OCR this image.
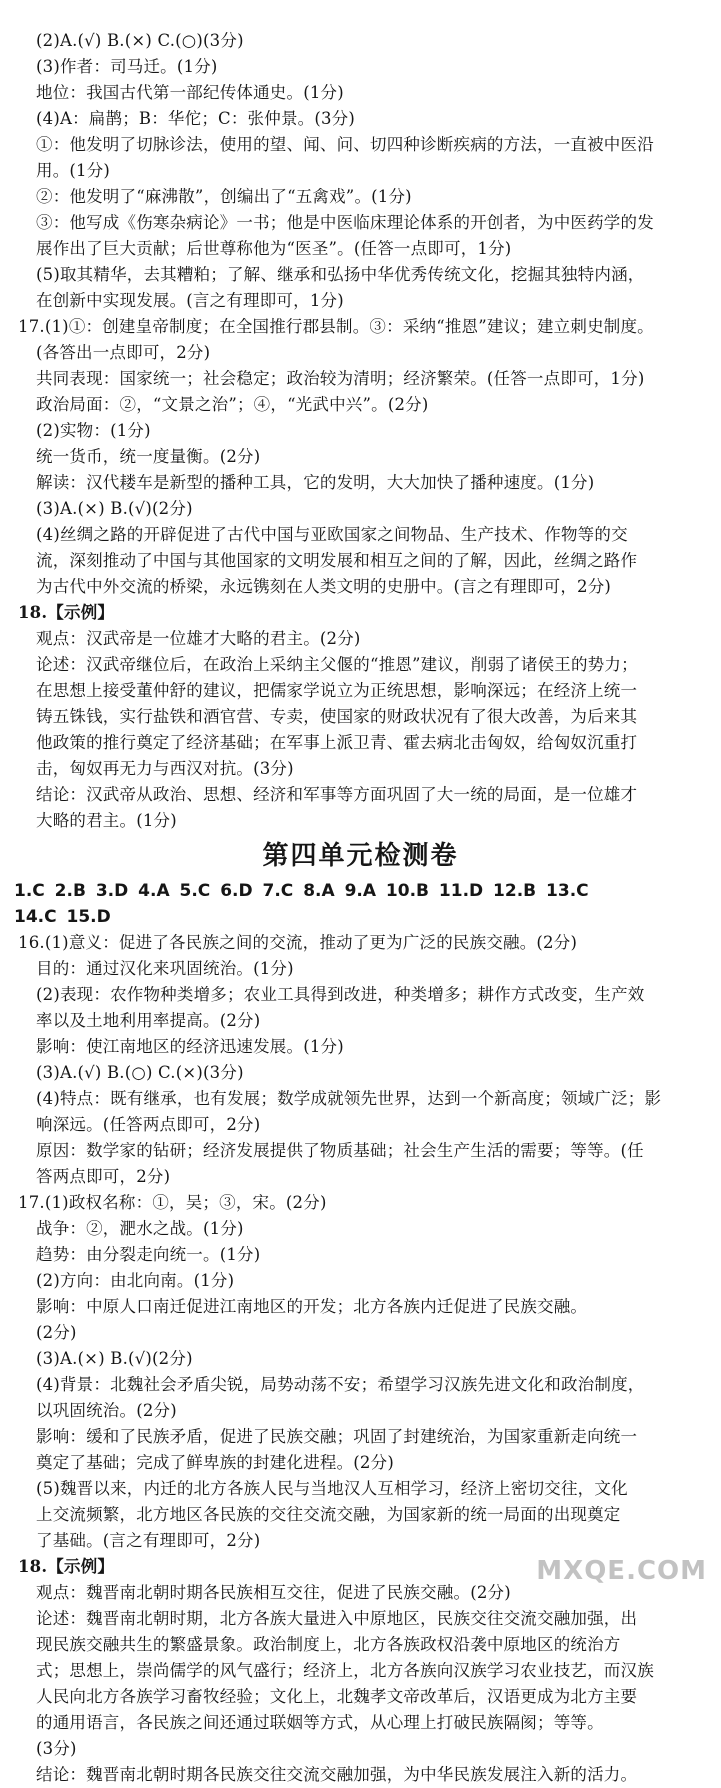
(2)A.(√) B.(×) C.(○)(3分)
(3)作者：司马迁。(1分)
地位：我国古代第一部纪传体通史。(1分)
(4)A：扁鹊；B：华佗；C：张仲景。(3分)
①：他发明了切脉诊法，使用的望、闻、问、切四种诊断疾病的方法，一直被中医沿
用。(1分)
②：他发明了“麻沸散”，创编出了“五禽戏”。(1分)
③：他写成《伤寒杂病论》一书；他是中医临床理论体系的开创者，为中医药学的发
展作出了巨大贡献；后世尊称他为“医圣”。(任答一点即可，1分)
(5)取其精华，去其糟粕；了解、继承和弘扬中华优秀传统文化，挖掘其独特内涵，
在创新中实现发展。(言之有理即可，1分)
17.(1)①：创建皇帝制度；在全国推行郡县制。③：采纳“推恩”建议；建立刺史制度。
(各答出一点即可，2分)
共同表现：国家统一；社会稳定；政治较为清明；经济繁荣。(任答一点即可，1分)
政治局面：②，“文景之治”；④，“光武中兴”。(2分)
(2)实物：(1分)
统一货币，统一度量衡。(2分)
解读：汉代耧车是新型的播种工具，它的发明，大大加快了播种速度。(1分)
(3)A.(×) B.(√)(2分)
(4)丝绸之路的开辟促进了古代中国与亚欧国家之间物品、生产技术、作物等的交
流，深刻推动了中国与其他国家的文明发展和相互之间的了解，因此，丝绸之路作
为古代中外交流的桥梁，永远镌刻在人类文明的史册中。(言之有理即可，2分)
18.【示例】
观点：汉武帝是一位雄才大略的君主。(2分)
论述：汉武帝继位后，在政治上采纳主父偃的“推恩”建议，削弱了诸侯王的势力；
在思想上接受董仲舒的建议，把儒家学说立为正统思想，影响深远；在经济上统一
铸五铢钱，实行盐铁和酒官营、专卖，使国家的财政状况有了很大改善，为后来其
他政策的推行奠定了经济基础；在军事上派卫青、霍去病北击匈奴，给匈奴沉重打
击，匈奴再无力与西汉对抗。(3分)
结论：汉武帝从政治、思想、经济和军事等方面巩固了大一统的局面，是一位雄才
大略的君主。(1分)
第四单元检测卷
1.C 2.B 3.D 4.A 5.C 6.D 7.C 8.A 9.A 10.B 11.D 12.B 13.C
14.C 15.D
16.(1)意义：促进了各民族之间的交流，推动了更为广泛的民族交融。(2分)
目的：通过汉化来巩固统治。(1分)
(2)表现：农作物种类增多；农业工具得到改进，种类增多；耕作方式改变，生产效
率以及土地利用率提高。(2分)
影响：使江南地区的经济迅速发展。(1分)
(3)A.(√) B.(○) C.(×)(3分)
(4)特点：既有继承，也有发展；数学成就领先世界，达到一个新高度；领域广泛；影
响深远。(任答两点即可，2分)
原因：数学家的钻研；经济发展提供了物质基础；社会生产生活的需要；等等。(任
答两点即可，2分)
17.(1)政权名称：①，吴；③，宋。(2分)
战争：②，淝水之战。(1分)
趋势：由分裂走向统一。(1分)
(2)方向：由北向南。(1分)
影响：中原人口南迁促进江南地区的开发；北方各族内迁促进了民族交融。
(2分)
(3)A.(×) B.(√)(2分)
(4)背景：北魏社会矛盾尖锐，局势动荡不安；希望学习汉族先进文化和政治制度，
以巩固统治。(2分)
影响：缓和了民族矛盾，促进了民族交融；巩固了封建统治，为国家重新走向统一
奠定了基础；完成了鲜卑族的封建化进程。(2分)
(5)魏晋以来，内迁的北方各族人民与当地汉人互相学习，经济上密切交往，文化
上交流频繁，北方地区各民族的交往交流交融，为国家新的统一局面的出现奠定
了基础。(言之有理即可，2分)
18.【示例】
观点：魏晋南北朝时期各民族相互交往，促进了民族交融。(2分)
论述：魏晋南北朝时期，北方各族大量进入中原地区，民族交往交流交融加强，出
现民族交融共生的繁盛景象。政治制度上，北方各族政权沿袭中原地区的统治方
式；思想上，崇尚儒学的风气盛行；经济上，北方各族向汉族学习农业技艺，而汉族
人民向北方各族学习畜牧经验；文化上，北魏孝文帝改革后，汉语更成为北方主要
的通用语言，各民族之间还通过联姻等方式，从心理上打破民族隔阂；等等。
(3分)
结论：魏晋南北朝时期各民族交往交流交融加强，为中华民族发展注入新的活力。
MXQE.COM
